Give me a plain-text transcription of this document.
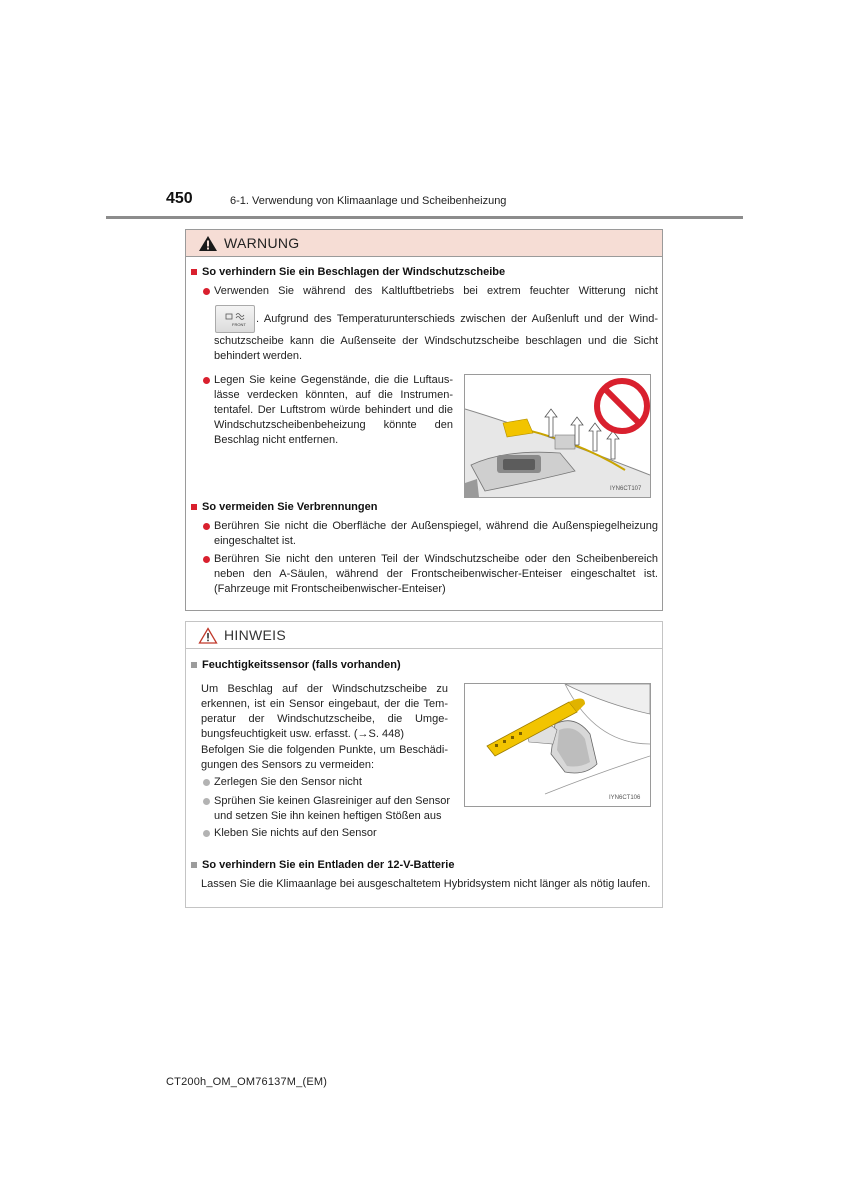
450	6-1. Verwendung von Klimaanlage und Scheibenheizung
WARNUNG
So verhindern Sie ein Beschlagen der Windschutzscheibe
Verwenden Sie während des Kaltluftbetriebs bei extrem feuchter Witterung nicht
FRONT . Aufgrund des Temperaturunterschieds zwischen der Außenluft und der Wind-
schutzscheibe kann die Außenseite der Windschutzscheibe beschlagen und die Sicht behindert werden.
Legen Sie keine Gegenstände, die die Luftauslässe verdecken könnten, auf die Instrumententafel. Der Luftstrom würde behindert und die Windschutzscheibenbeheizung könnte den Beschlag nicht entfernen.
IYN6CT107
So vermeiden Sie Verbrennungen
Berühren Sie nicht die Oberfläche der Außenspiegel, während die Außenspiegelheizung eingeschaltet ist.
Berühren Sie nicht den unteren Teil der Windschutzscheibe oder den Scheibenbereich neben den A-Säulen, während der Frontscheibenwischer-Enteiser eingeschaltet ist. (Fahrzeuge mit Frontscheibenwischer-Enteiser)
HINWEIS
Feuchtigkeitssensor (falls vorhanden)
Um Beschlag auf der Windschutzscheibe zu erkennen, ist ein Sensor eingebaut, der die Temperatur der Windschutzscheibe, die Umgebungsfeuchtigkeit usw. erfasst. (→S. 448)
Befolgen Sie die folgenden Punkte, um Beschädigungen des Sensors zu vermeiden:
Zerlegen Sie den Sensor nicht
Sprühen Sie keinen Glasreiniger auf den Sensor und setzen Sie ihn keinen heftigen Stößen aus
Kleben Sie nichts auf den Sensor
IYN6CT106
So verhindern Sie ein Entladen der 12-V-Batterie
Lassen Sie die Klimaanlage bei ausgeschaltetem Hybridsystem nicht länger als nötig laufen.
CT200h_OM_OM76137M_(EM)
